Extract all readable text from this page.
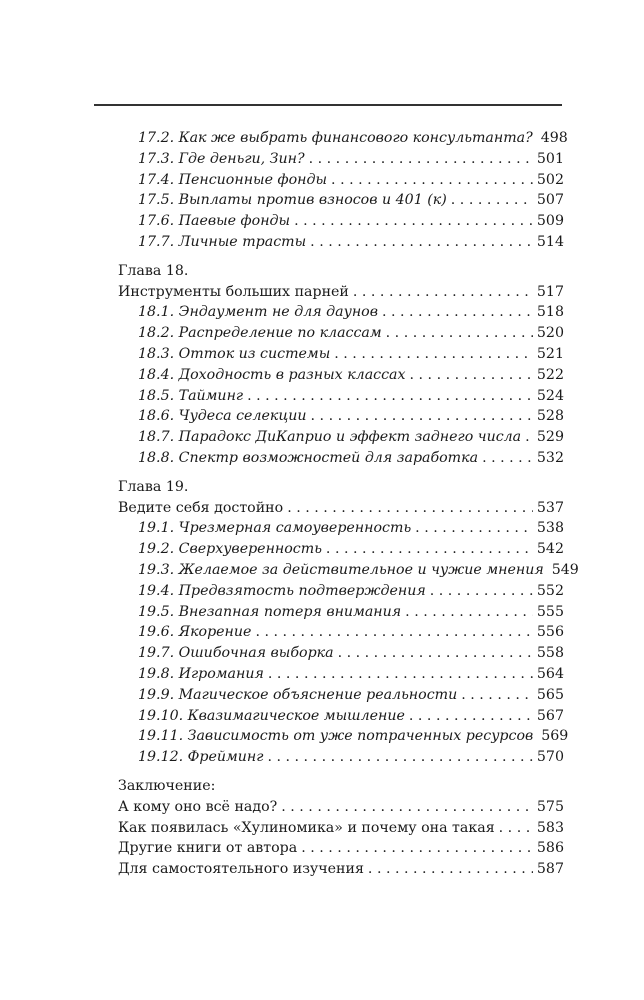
17.2. Как же выбрать финансового консультанта? 498
17.3. Где деньги, Зин? . . .	501
17.4. Пенсионные фонды . . .	502
17.5. Выплаты против взносов и 401 (к) . . .	507
17.6. Паевые фонды . . .	509
17.7. Личные трасты . . .	514
Глава 18.
Инструменты больших парней . . .	517
18.1. Эндаумент не для даунов . . .	518
18.2. Распределение по классам . . .	520
18.3. Отток из системы . . .	521
18.4. Доходность в разных классах . . .	522
18.5. Тайминг . . .	524
18.6. Чудеса селекции . . .	528
18.7. Парадокс ДиКаприо и эффект заднего числа . . . 529
18.8. Спектр возможностей для заработка . . .	532
Глава 19.
Ведите себя достойно . . .	537
19.1. Чрезмерная самоуверенность . . .	538
19.2. Сверхуверенность . . .	542
19.3. Желаемое за действительное и чужие мнения 549
19.4. Предвзятость подтверждения . . .	552
19.5. Внезапная потеря внимания . . .	555
19.6. Якорение . . .	556
19.7. Ошибочная выборка . . .	558
19.8. Игромания . . .	564
19.9. Магическое объяснение реальности . . .	565
19.10. Квазимагическое мышление . . .	567
19.11. Зависимость от уже потраченных ресурсов 569
19.12. Фрейминг . . .	570
Заключение:
А кому оно всё надо? . . .	575
Как появилась «Хулиномика» и почему она такая . . .	583
Другие книги от автора . . .	586
Для самостоятельного изучения . . .	587
